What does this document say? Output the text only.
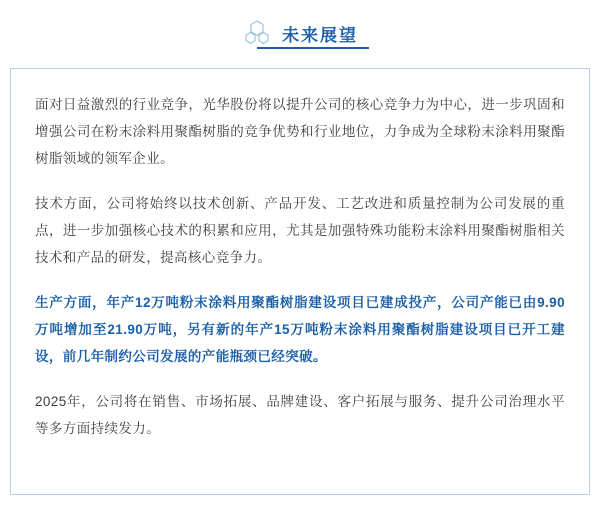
未来展望

面对日益激烈的行业竞争，光华股份将以提升公司的核心竞争力为中心，进一步巩固和增强公司在粉末涂料用聚酯树脂的竞争优势和行业地位，力争成为全球粉末涂料用聚酯树脂领域的领军企业。

技术方面，公司将始终以技术创新、产品开发、工艺改进和质量控制为公司发展的重点，进一步加强核心技术的积累和应用，尤其是加强特殊功能粉末涂料用聚酯树脂相关技术和产品的研发，提高核心竞争力。

生产方面，年产12万吨粉末涂料用聚酯树脂建设项目已建成投产，公司产能已由9.90万吨增加至21.90万吨，另有新的年产15万吨粉末涂料用聚酯树脂建设项目已开工建设，前几年制约公司发展的产能瓶颈已经突破。

2025年，公司将在销售、市场拓展、品牌建设、客户拓展与服务、提升公司治理水平等多方面持续发力。
